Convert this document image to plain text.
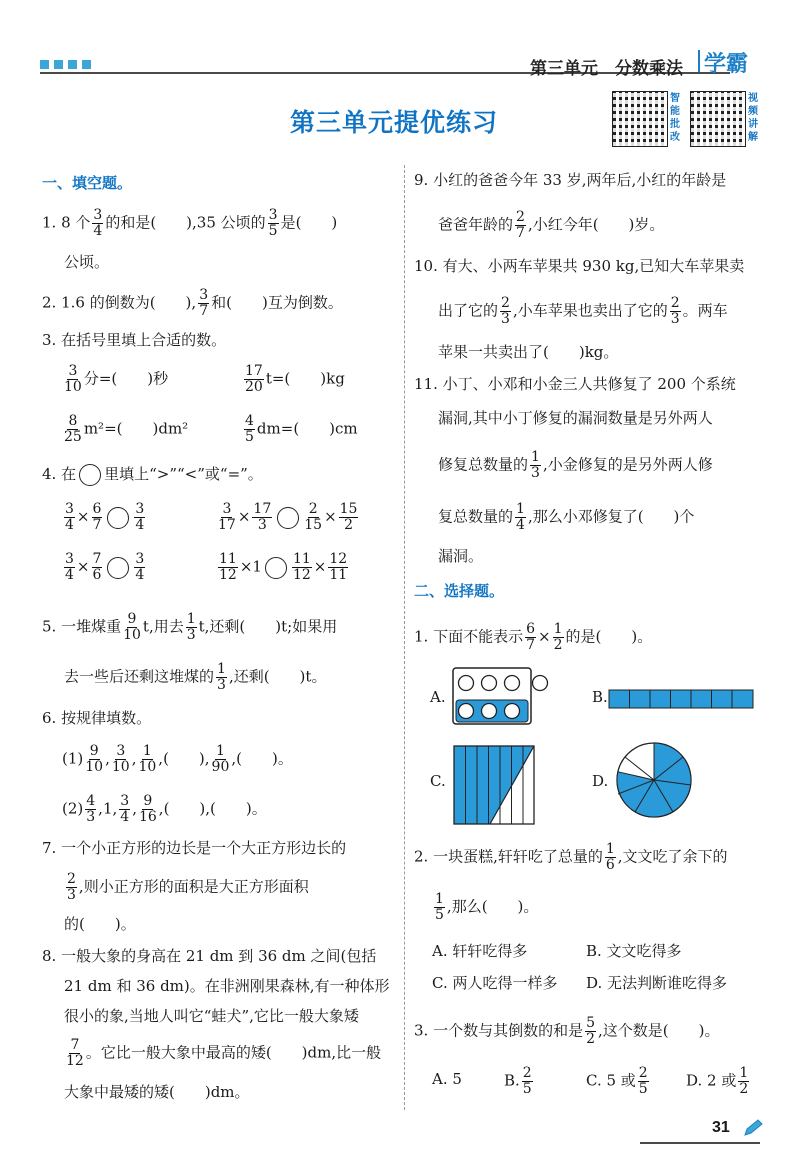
第三单元　分数乘法 学霸
第三单元提优练习
智能批改
视频讲解
一、填空题。
1. 8 个 $\frac{3}{4}$ 的和是(　　),35 公顷的 $\frac{3}{5}$ 是(　　)
公顷。
2. 1.6 的倒数为(　　), $\frac{3}{7}$ 和(　　)互为倒数。
3. 在括号里填上合适的数。
$\frac{3}{10}$ 分=(　　)秒	$\frac{17}{20} t=$(　　)kg
$\frac{8}{25} m^2=$(　　)dm²	$\frac{4}{5} dm=$(　　)cm
4. 在 里填上“>”“<”或“=”。
$\frac{3}{4} \times \frac{6}{7} \frac{3}{4}$	$\frac{3}{17} \times \frac{17}{3} \frac{2}{15} \times \frac{15}{2}$
$\frac{3}{4} \times \frac{7}{6} \frac{3}{4}$	$\frac{11}{12} \times 1 \frac{11}{12} \times \frac{12}{11}$
5. 一堆煤重 $\frac{9}{10} t$,用去 $\frac{1}{3} t$,还剩(　　)t;如果用
去一些后还剩这堆煤的 $\frac{1}{3}$ ,还剩(　　)t。
6. 按规律填数。
$(1) \frac{9}{10}$ , $\frac{3}{10}$ , $\frac{1}{10}$ ,(　　), $\frac{1}{90}$ ,(　　)。
$(2) \frac{4}{3} ,1$, $\frac{3}{4}$ , $\frac{9}{16}$ ,(　　),(　　)。
7. 一个小正方形的边长是一个大正方形边长的
$\frac{2}{3}$ ,则小正方形的面积是大正方形面积
的(　　)。
8. 一般大象的身高在 21 dm 到 36 dm 之间(包括
21 dm 和 36 dm)。在非洲刚果森林,有一种体形
很小的象,当地人叫它“蛙犬”,它比一般大象矮
$\frac{7}{12}$ 。它比一般大象中最高的矮(　　)dm,比一般
大象中最矮的矮(　　)dm。
9. 小红的爸爸今年 33 岁,两年后,小红的年龄是
爸爸年龄的 $\frac{2}{7}$ ,小红今年(　　)岁。
10. 有大、小两车苹果共 930 kg,已知大车苹果卖
出了它的 $\frac{2}{3}$ ,小车苹果也卖出了它的 $\frac{2}{3}$ 。两车
苹果一共卖出了(　　)kg。
11. 小丁、小邓和小金三人共修复了 200 个系统
漏洞,其中小丁修复的漏洞数量是另外两人
修复总数量的 $\frac{1}{3}$ ,小金修复的是另外两人修
复总数量的 $\frac{1}{4}$ ,那么小邓修复了(　　)个
漏洞。
二、选择题。
1. 下面不能表示 $\frac{6}{7} \times \frac{1}{2}$ 的是(　　)。
A.	B.
C.	D.
2. 一块蛋糕,轩轩吃了总量的 $\frac{1}{6}$ ,文文吃了余下的
$\frac{1}{5}$ ,那么(　　)。
A. 轩轩吃得多	B. 文文吃得多
C. 两人吃得一样多 D. 无法判断谁吃得多
3. 一个数与其倒数的和是 $\frac{5}{2}$ ,这个数是(　　)。
A. 5	B. $\frac{2}{5}$	C. 5 或 $\frac{2}{5} D$. 2 或 $\frac{1}{2}$
31
